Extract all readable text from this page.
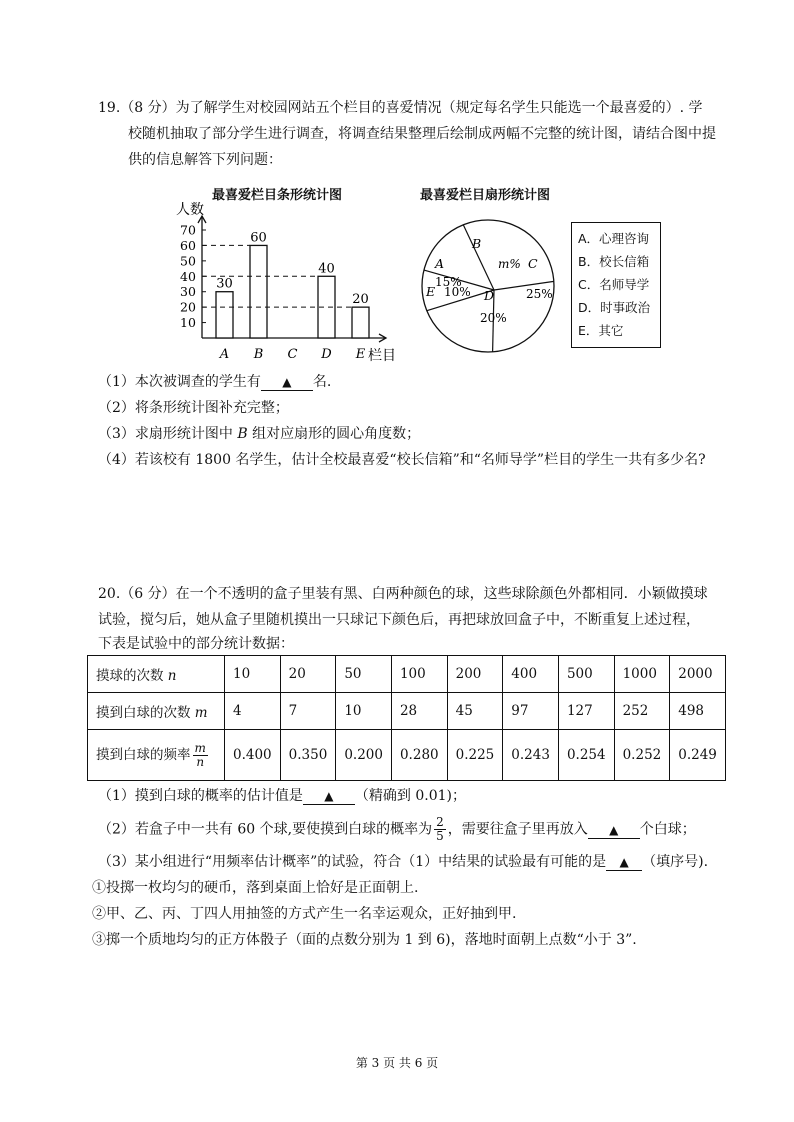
19.（8 分）为了解学生对校园网站五个栏目的喜爱情况（规定每名学生只能选一个最喜爱的）. 学
校随机抽取了部分学生进行调查，将调查结果整理后绘制成两幅不完整的统计图，请结合图中提
供的信息解答下列问题：
最喜爱栏目条形统计图	最喜爱栏目扇形统计图
人数
栏目
10
20
30
40
50
60
70
30
A
60
B C
40
D
20
E
A
15%
B
m% C
25%
D
20%
E 10%
A．心理咨询
B．校长信箱
C．名师导学
D．时事政治
E．其它
（1）本次被调查的学生有 ▲ 名.
（2）将条形统计图补充完整；
（3）求扇形统计图中 B 组对应扇形的圆心角度数；
（4）若该校有 1800 名学生，估计全校最喜爱“校长信箱”和“名师导学”栏目的学生一共有多少名?
20.（6 分）在一个不透明的盒子里装有黑、白两种颜色的球，这些球除颜色外都相同．小颖做摸球
试验，搅匀后，她从盒子里随机摸出一只球记下颜色后，再把球放回盒子中，不断重复上述过程，
下表是试验中的部分统计数据：
摸球的次数 n	10	20	50	100	200	400	500	1000	2000
摸到白球的次数 m	4	7	10	28	45	97	127	252	498
摸到白球的频率 $\frac{m}{n}$	0.400	0.350	0.200	0.280	0.225	0.243	0.254	0.252	0.249
（1）摸到白球的概率的估计值是 ▲ （精确到 0.01)；
（2）若盒子中一共有 60 个球,要使摸到白球的概率为 $\frac{2}{5}$ ，需要往盒子里再放入 ▲ 个白球；
（3）某小组进行“用频率估计概率”的试验，符合（1）中结果的试验最有可能的是 ▲ （填序号).
①投掷一枚均匀的硬币，落到桌面上恰好是正面朝上.
②甲、乙、丙、丁四人用抽签的方式产生一名幸运观众，正好抽到甲.
③掷一个质地均匀的正方体骰子（面的点数分别为 1 到 6)，落地时面朝上点数“小于 3”.
第 3 页 共 6 页
